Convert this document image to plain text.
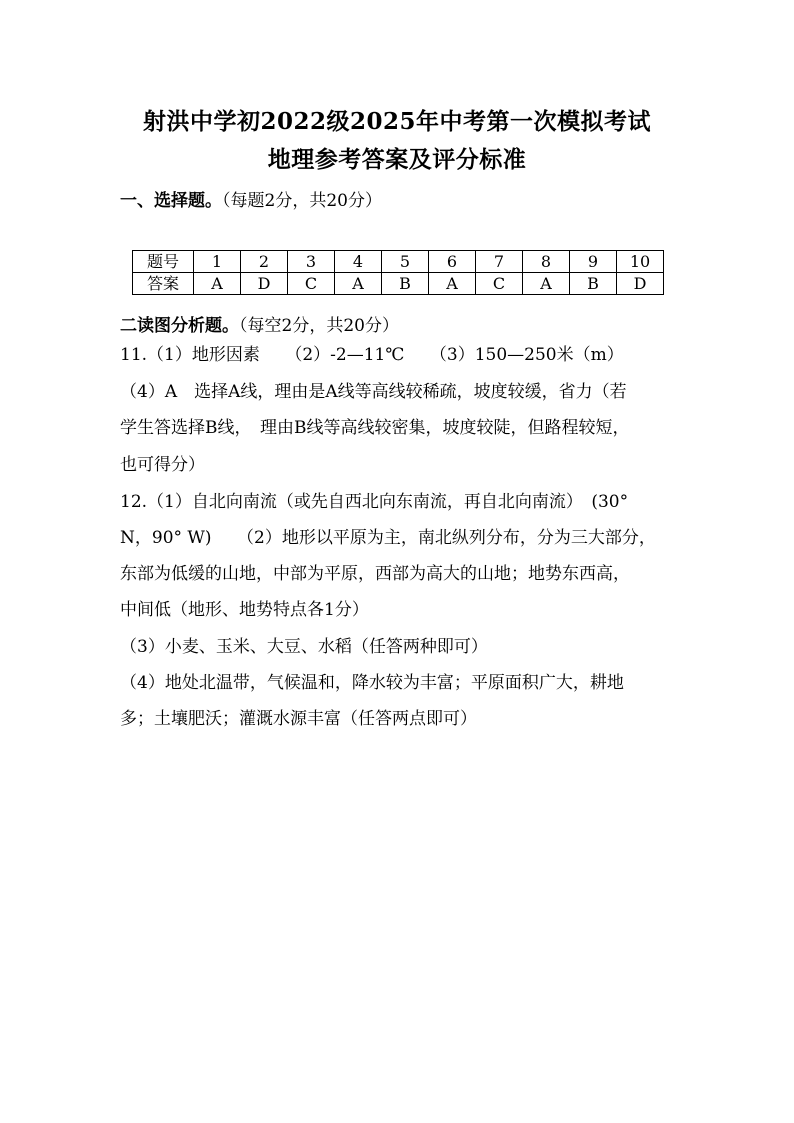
射洪中学初2022级2025年中考第一次模拟考试
地理参考答案及评分标准
一、选择题。（每题2分，共20分）
题号	1	2	3	4	5	6	7	8	9	10
答案	A	D	C	A	B	A	C	A	B	D
二读图分析题。（每空2分，共20分）
11.（1）地形因素　　（2）-2—11℃　　（3）150—250米（m）
（4）A　选择A线，理由是A线等高线较稀疏，坡度较缓，省力（若
学生答选择B线，　理由B线等高线较密集，坡度较陡，但路程较短，
也可得分）
12.（1）自北向南流（或先自西北向东南流，再自北向南流）　(30°
N，90° W)　　（2）地形以平原为主，南北纵列分布，分为三大部分，
东部为低缓的山地，中部为平原，西部为高大的山地；地势东西高，
中间低（地形、地势特点各1分）
（3）小麦、玉米、大豆、水稻（任答两种即可）
（4）地处北温带，气候温和，降水较为丰富；平原面积广大，耕地
多；土壤肥沃；灌溉水源丰富（任答两点即可）
